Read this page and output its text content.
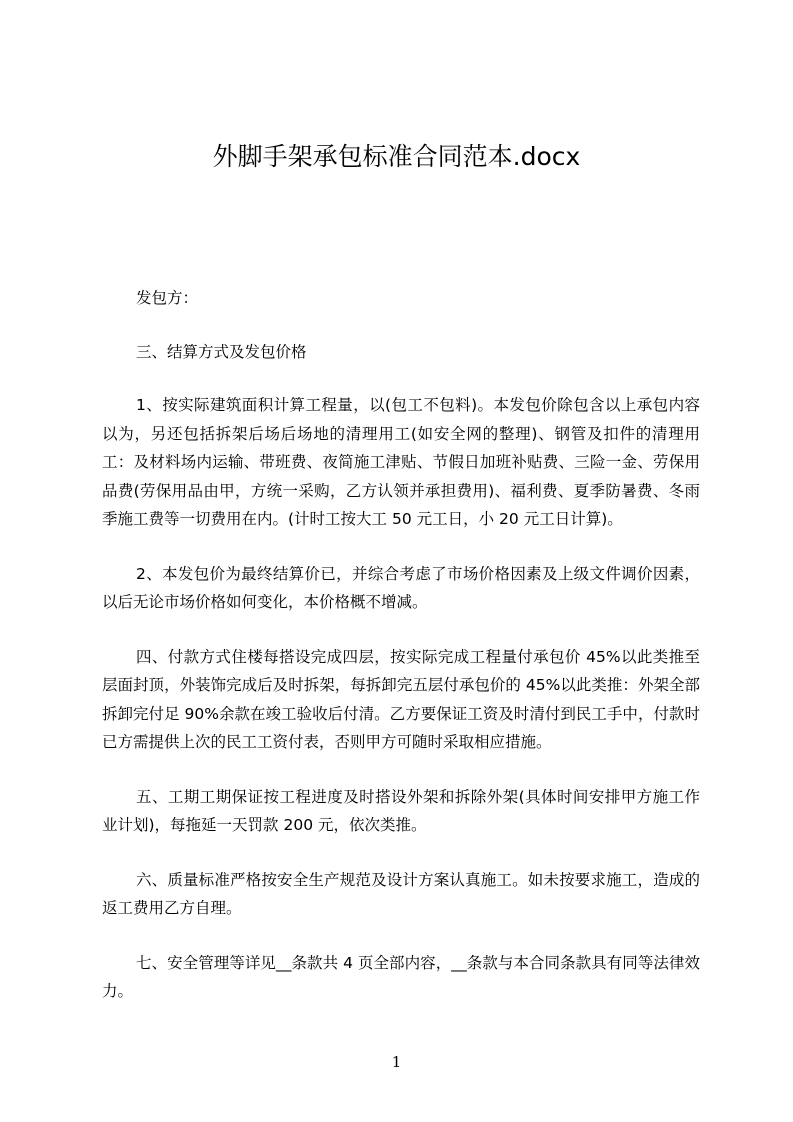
外脚手架承包标准合同范本.docx

发包方：

三、结算方式及发包价格

1、按实际建筑面积计算工程量，以(包工不包料)。本发包价除包含以上承包内容以为，另还包括拆架后场后场地的清理用工(如安全网的整理)、钢管及扣件的清理用工：及材料场内运输、带班费、夜简施工津贴、节假日加班补贴费、三险一金、劳保用品费(劳保用品由甲，方统一采购，乙方认领并承担费用)、福利费、夏季防暑费、冬雨季施工费等一切费用在内。(计时工按大工 50 元工日，小 20 元工日计算)。

2、本发包价为最终结算价已，并综合考虑了市场价格因素及上级文件调价因素，以后无论市场价格如何变化，本价格概不增减。

四、付款方式住楼每搭设完成四层，按实际完成工程量付承包价 45%以此类推至层面封顶，外装饰完成后及时拆架，每拆卸完五层付承包价的 45%以此类推：外架全部拆卸完付足 90%余款在竣工验收后付清。乙方要保证工资及时清付到民工手中，付款时已方需提供上次的民工工资付表，否则甲方可随时采取相应措施。

五、工期工期保证按工程进度及时搭设外架和拆除外架(具体时间安排甲方施工作业计划)，每拖延一天罚款 200 元，依次类推。

六、质量标准严格按安全生产规范及设计方案认真施工。如未按要求施工，造成的返工费用乙方自理。

七、安全管理等详见__条款共 4 页全部内容，__条款与本合同条款具有同等法律效力。

1
